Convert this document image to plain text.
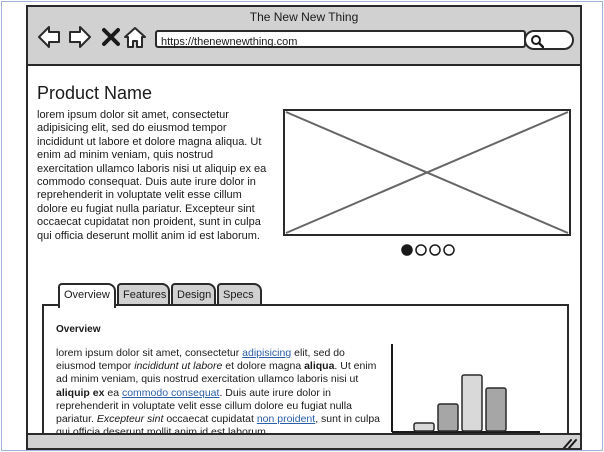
The New New Thing
https://thenewnewthing.com
Product Name

lorem ipsum dolor sit amet, consectetur adipisicing elit, sed do eiusmod tempor incididunt ut labore et dolore magna aliqua. Ut enim ad minim veniam, quis nostrud exercitation ullamco laboris nisi ut aliquip ex ea commodo consequat. Duis aute irure dolor in reprehenderit in voluptate velit esse cillum dolore eu fugiat nulla pariatur. Excepteur sint occaecat cupidatat non proident, sunt in culpa qui officia deserunt mollit anim id est laborum.

Overview	Features Design	Specs
Overview

lorem ipsum dolor sit amet, consectetur adipisicing elit, sed do eiusmod tempor incididunt ut labore et dolore magna aliqua. Ut enim ad minim veniam, quis nostrud exercitation ullamco laboris nisi ut aliquip ex ea commodo consequat. Duis aute irure dolor in reprehenderit in voluptate velit esse cillum dolore eu fugiat nulla pariatur. Excepteur sint occaecat cupidatat non proident, sunt in culpa
